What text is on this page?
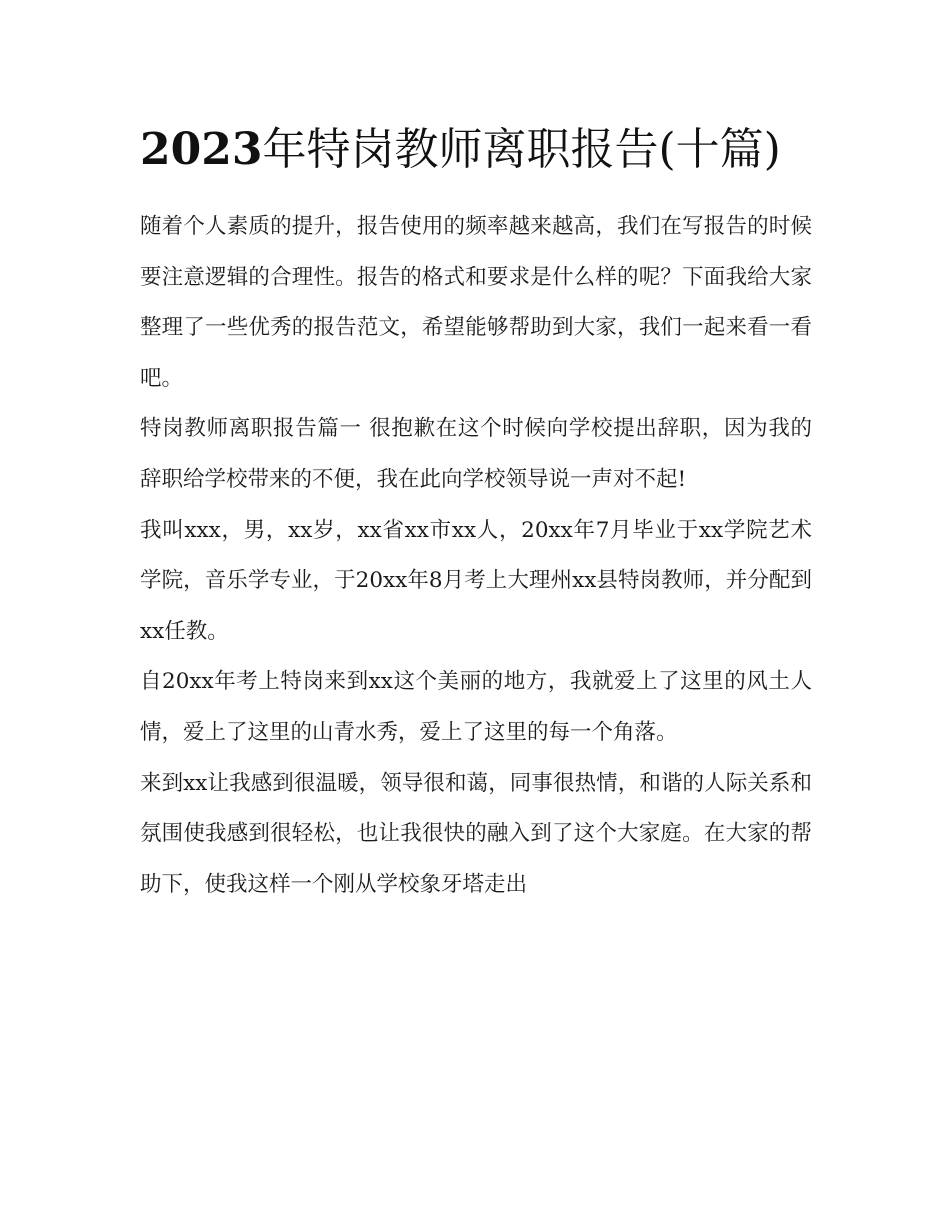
2023年特岗教师离职报告(十篇)

随着个人素质的提升，报告使用的频率越来越高，我们在写报告的时候要注意逻辑的合理性。报告的格式和要求是什么样的呢？下面我给大家整理了一些优秀的报告范文，希望能够帮助到大家，我们一起来看一看吧。

特岗教师离职报告篇一 很抱歉在这个时候向学校提出辞职，因为我的辞职给学校带来的不便，我在此向学校领导说一声对不起!

我叫xxx，男，xx岁，xx省xx市xx人，20xx年7月毕业于xx学院艺术学院，音乐学专业，于20xx年8月考上大理州xx县特岗教师，并分配到xx任教。

自20xx年考上特岗来到xx这个美丽的地方，我就爱上了这里的风土人情，爱上了这里的山青水秀，爱上了这里的每一个角落。

来到xx让我感到很温暖，领导很和蔼，同事很热情，和谐的人际关系和氛围使我感到很轻松，也让我很快的融入到了这个大家庭。在大家的帮助下，使我这样一个刚从学校象牙塔走出
